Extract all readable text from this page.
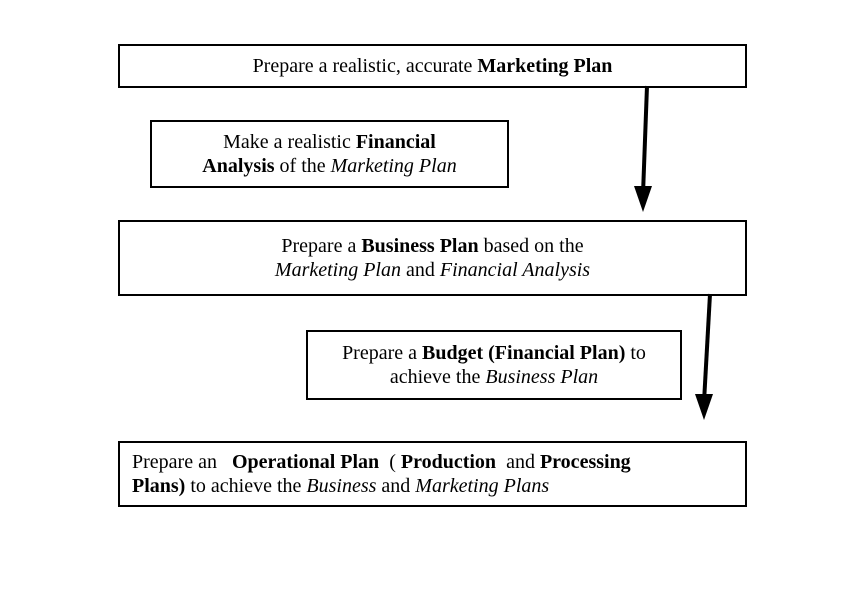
Prepare a realistic, accurate Marketing Plan
Make a realistic Financial
Analysis of the Marketing Plan
Prepare a Business Plan based on the
Marketing Plan and Financial Analysis
Prepare a Budget (Financial Plan) to
achieve the Business Plan
Prepare an   Operational Plan  ( Production  and Processing
Plans) to achieve the Business and Marketing Plans
